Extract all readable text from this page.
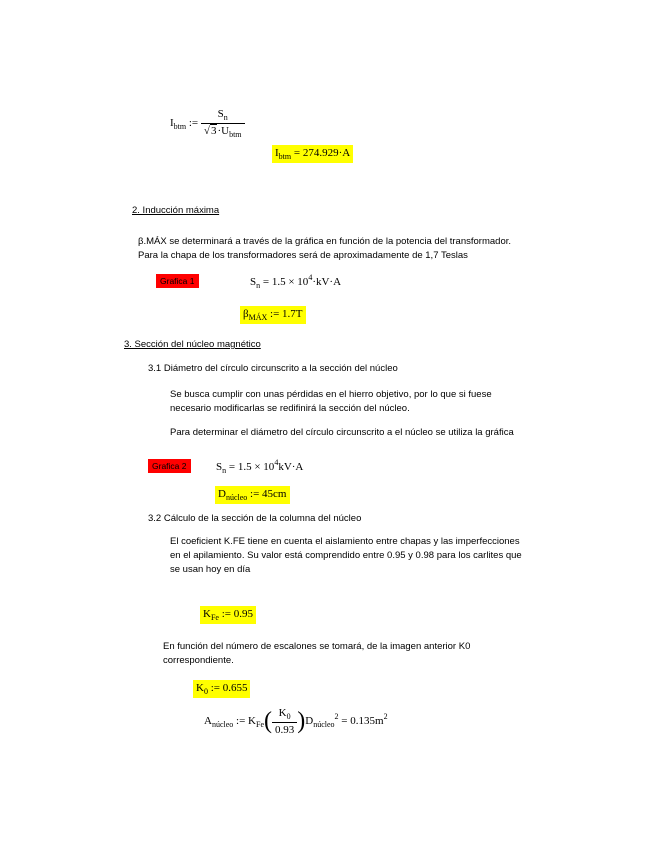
$I_{btm}$ := $\frac{S_n}{√3\cdot U_{btm}}$
$I_{btm} = 274.929\cdot A$
2. Inducción máxima
β.MÁX se determinará a través de la gráfica en función de la potencia del transformador.
Para la chapa de los transformadores será de aproximadamente de 1,7 Teslas
Grafica 1	$S_n = 1.5 \times 10^4\cdot kV\cdot A$
$\beta_{MÁX}$ := 1.7T
3. Sección del núcleo magnético
3.1 Diámetro del círculo circunscrito a la sección del núcleo
Se busca cumplir con unas pérdidas en el hierro objetivo, por lo que si fuese
necesario modificarlas se redifinirá la sección del núcleo.
Para determinar el diámetro del círculo circunscrito a el núcleo se utiliza la gráfica
Grafica 2	$S_n = 1.5 \times 10^4kV\cdot A$
$D_{núcleo}$ := 45cm
3.2 Cálculo de la sección de la columna del núcleo
El coeficient K.FE tiene en cuenta el aislamiento entre chapas y las imperfecciones
en el apilamiento. Su valor está comprendido entre 0.95 y 0.98 para los carlites que
se usan hoy en día
$K_{Fe}$ := 0.95
En función del número de escalones se tomará, de la imagen anterior K0
correspondiente.
$K_0$ := 0.655
$A_{núcleo}$ := $K_{Fe}( \frac{K_0}{0.93} )D_{núcleo}^2 = 0.135m^2$
